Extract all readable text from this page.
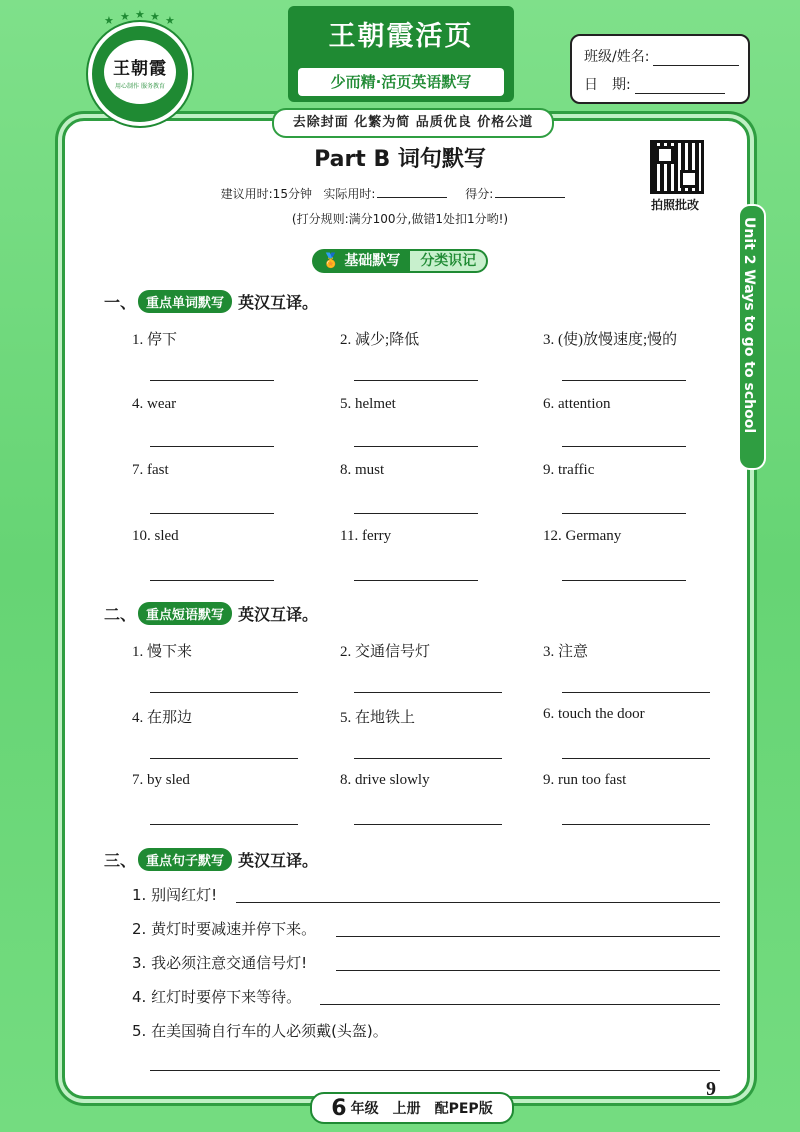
★ ★ ★ ★ ★
王朝霞
用心制作 服务教育
王朝霞活页
少而精·活页英语默写
去除封面 化繁为简 品质优良 价格公道
班级/姓名:
日　期:
拍照批改
Unit 2 Ways to go to school
Part B 词句默写
建议用时:15分钟 实际用时:	得分:
(打分规则:满分100分,做错1处扣1分哟!)
🏅 基础默写	分类识记
一、 重点单词默写 英汉互译。
1. 停下	2. 减少;降低	3. (使)放慢速度;慢的
4. wear	5. helmet	6. attention
7. fast	8. must	9. traffic
10. sled	11. ferry	12. Germany
二、 重点短语默写 英汉互译。
1. 慢下来	2. 交通信号灯	3. 注意
4. 在那边	5. 在地铁上	6. touch the door
7. by sled	8. drive slowly	9. run too fast
三、 重点句子默写 英汉互译。
1. 别闯红灯!
2. 黄灯时要减速并停下来。
3. 我必须注意交通信号灯!
4. 红灯时要停下来等待。
5. 在美国骑自行车的人必须戴(头盔)。
6 年级　上册　配PEP版
9
